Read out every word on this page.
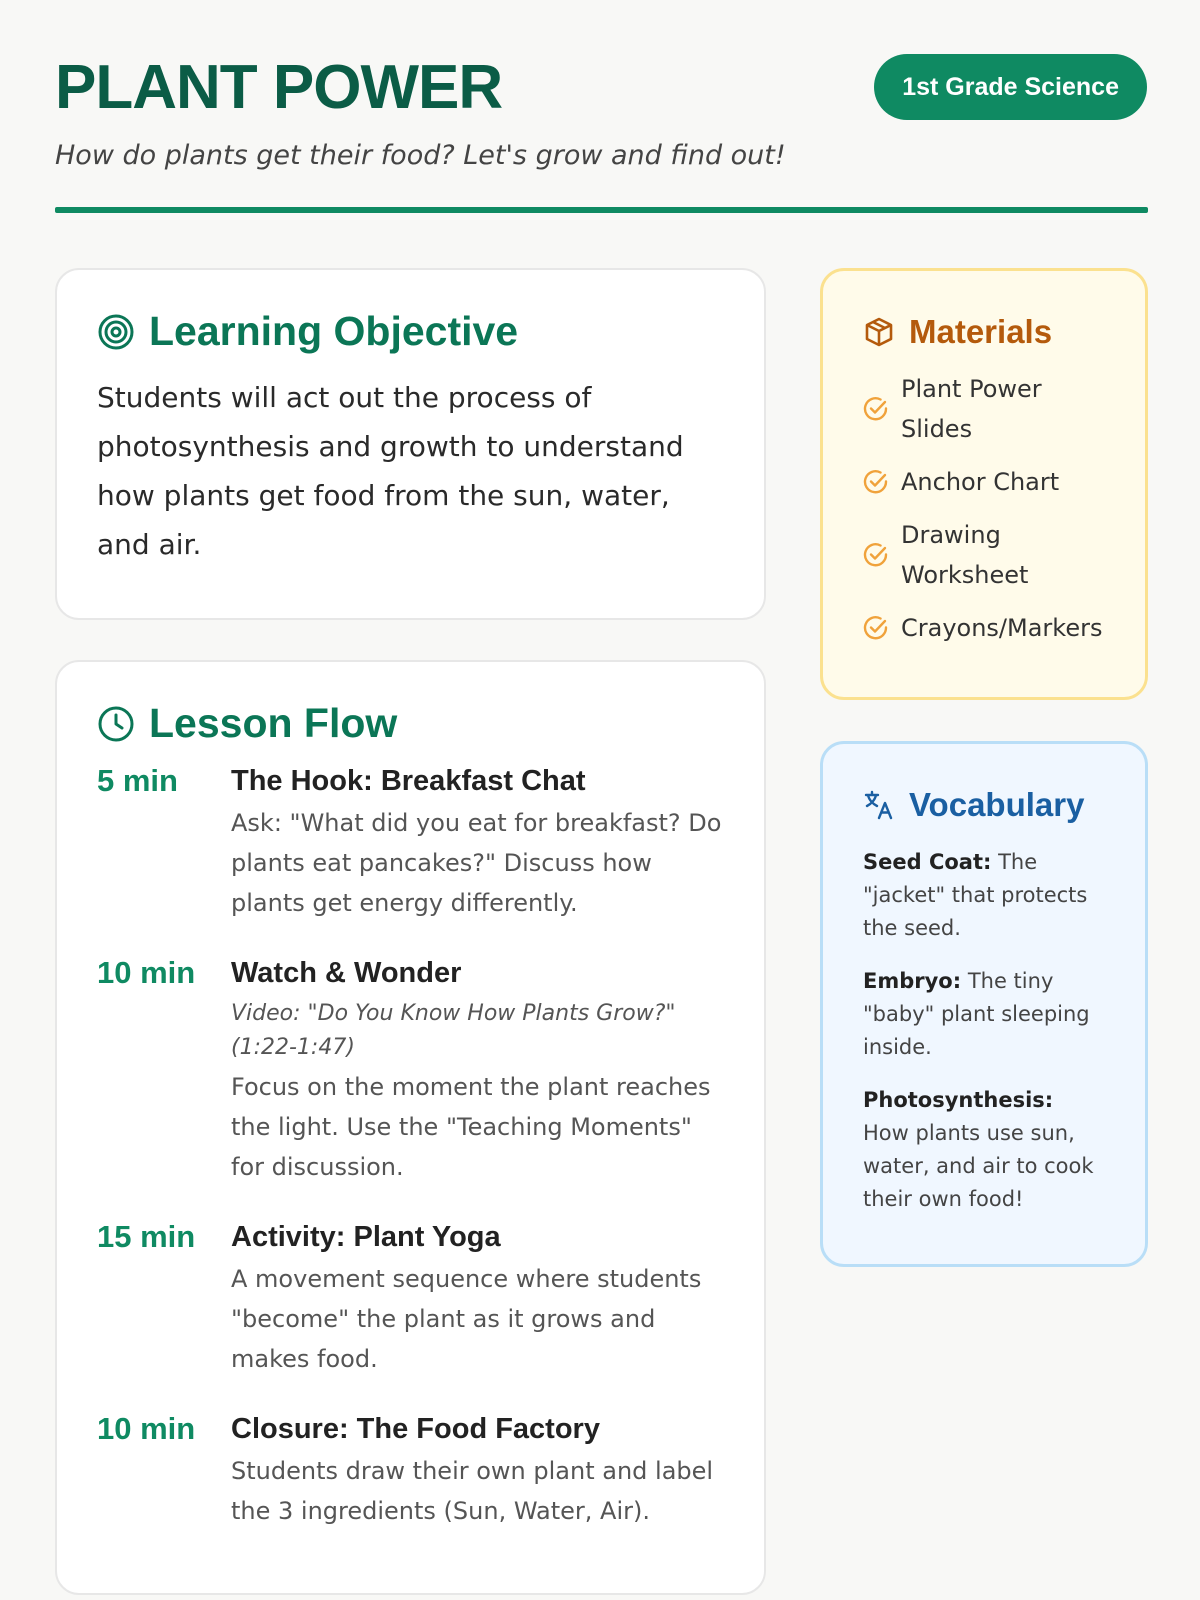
PLANT POWER
How do plants get their food? Let's grow and find out!
1st Grade Science
Learning Objective
Students will act out the process of photosynthesis and growth to understand how plants get food from the sun, water, and air.
Lesson Flow
5 min	The Hook: Breakfast Chat
Ask: "What did you eat for breakfast? Do plants eat pancakes?" Discuss how plants get energy differently.
10 min	Watch & Wonder
Video: "Do You Know How Plants Grow?" (1:22-1:47)
Focus on the moment the plant reaches the light. Use the "Teaching Moments" for discussion.
15 min	Activity: Plant Yoga
A movement sequence where students "become" the plant as it grows and makes food.
10 min	Closure: The Food Factory
Students draw their own plant and label the 3 ingredients (Sun, Water, Air).
Materials
Plant Power Slides
Anchor Chart
Drawing Worksheet
Crayons/Markers
Vocabulary
Seed Coat: The "jacket" that protects the seed.
Embryo: The tiny "baby" plant sleeping inside.
Photosynthesis: How plants use sun, water, and air to cook their own food!
